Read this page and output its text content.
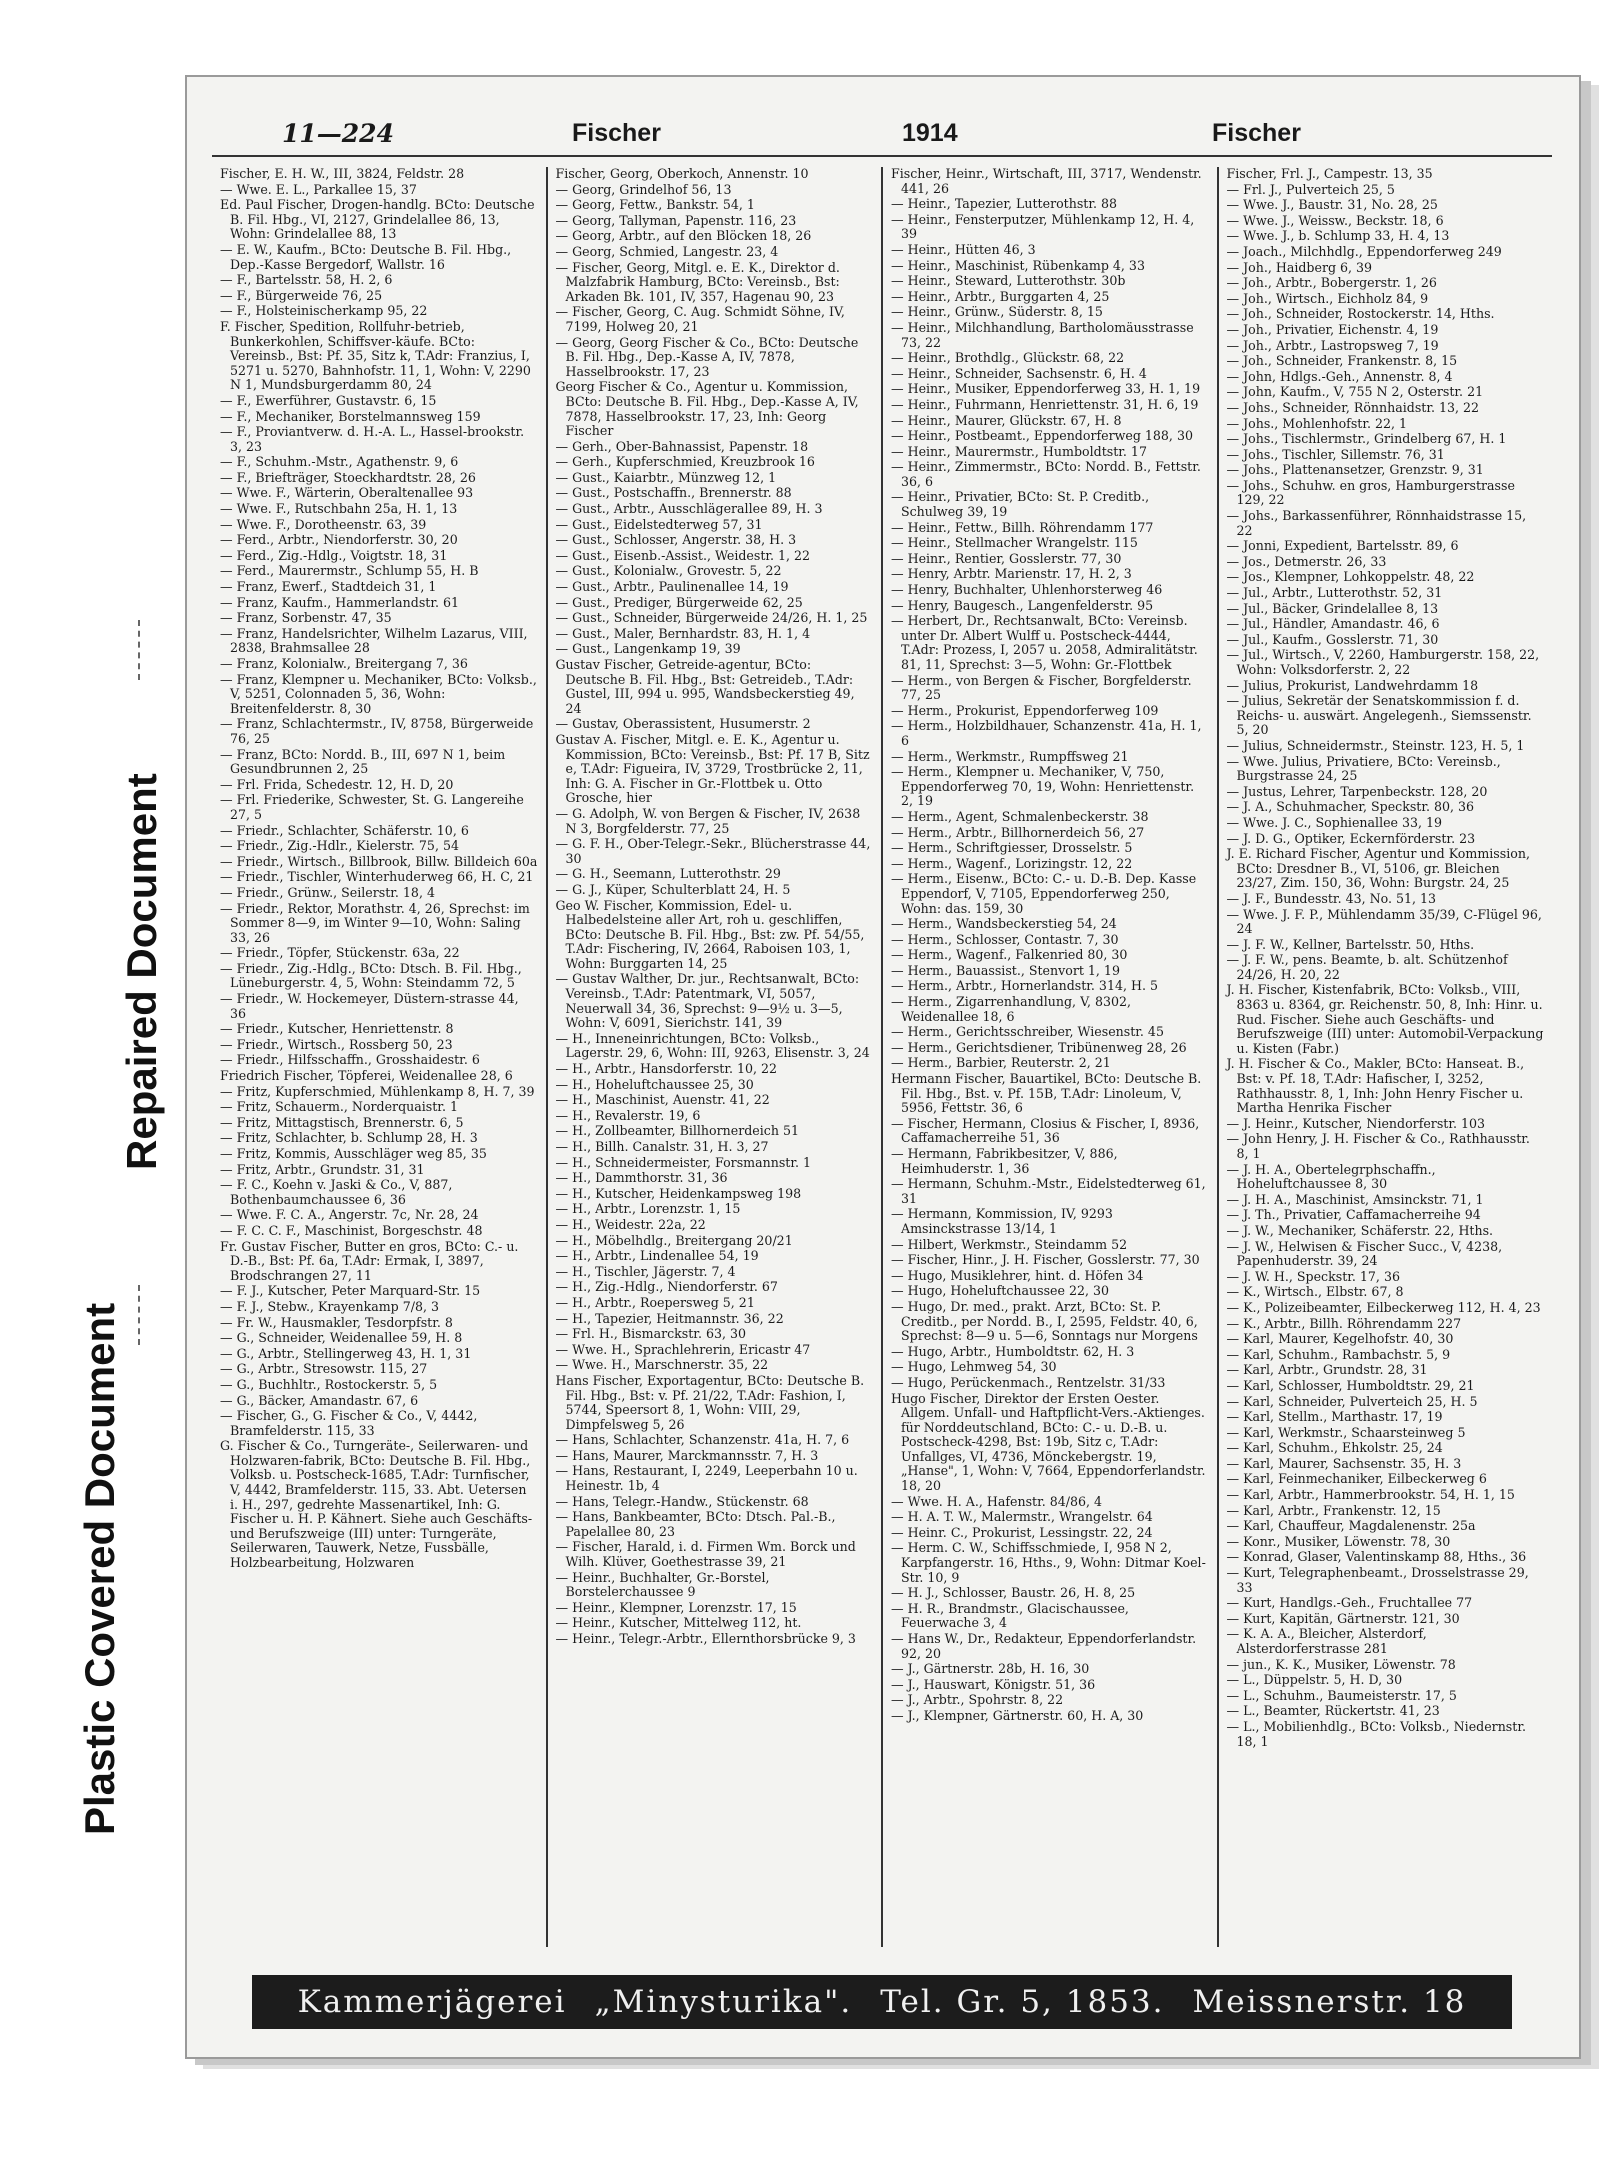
Repaired Document
Plastic Covered Document
11—224	Fischer	1914	Fischer
Fischer, E. H. W., III, 3824, Feldstr. 28
— Wwe. E. L., Parkallee 15, 37
Ed. Paul Fischer, Drogen-handlg. BCto: Deutsche B. Fil. Hbg., VI, 2127, Grindelallee 86, 13, Wohn: Grindelallee 88, 13
— E. W., Kaufm., BCto: Deutsche B. Fil. Hbg., Dep.-Kasse Bergedorf, Wallstr. 16
— F., Bartelsstr. 58, H. 2, 6
— F., Bürgerweide 76, 25
— F., Holsteinischerkamp 95, 22
F. Fischer, Spedition, Rollfuhr-betrieb, Bunkerkohlen, Schiffsver-käufe. BCto: Vereinsb., Bst: Pf. 35, Sitz k, T.Adr: Franzius, I, 5271 u. 5270, Bahnhofstr. 11, 1, Wohn: V, 2290 N 1, Mundsburgerdamm 80, 24
— F., Ewerführer, Gustavstr. 6, 15
— F., Mechaniker, Borstelmannsweg 159
— F., Proviantverw. d. H.-A. L., Hassel-brookstr. 3, 23
— F., Schuhm.-Mstr., Agathenstr. 9, 6
— F., Briefträger, Stoeckhardtstr. 28, 26
— Wwe. F., Wärterin, Oberaltenallee 93
— Wwe. F., Rutschbahn 25a, H. 1, 13
— Wwe. F., Dorotheenstr. 63, 39
— Ferd., Arbtr., Niendorferstr. 30, 20
— Ferd., Zig.-Hdlg., Voigtstr. 18, 31
— Ferd., Maurermstr., Schlump 55, H. B
— Franz, Ewerf., Stadtdeich 31, 1
— Franz, Kaufm., Hammerlandstr. 61
— Franz, Sorbenstr. 47, 35
— Franz, Handelsrichter, Wilhelm Lazarus, VIII, 2838, Brahmsallee 28
— Franz, Kolonialw., Breitergang 7, 36
— Franz, Klempner u. Mechaniker, BCto: Volksb., V, 5251, Colonnaden 5, 36, Wohn: Breitenfelderstr. 8, 30
— Franz, Schlachtermstr., IV, 8758, Bürgerweide 76, 25
— Franz, BCto: Nordd. B., III, 697 N 1, beim Gesundbrunnen 2, 25
— Frl. Frida, Schedestr. 12, H. D, 20
— Frl. Friederike, Schwester, St. G. Langereihe 27, 5
— Friedr., Schlachter, Schäferstr. 10, 6
— Friedr., Zig.-Hdlr., Kielerstr. 75, 54
— Friedr., Wirtsch., Billbrook, Billw. Billdeich 60a
— Friedr., Tischler, Winterhuderweg 66, H. C, 21
— Friedr., Grünw., Seilerstr. 18, 4
— Friedr., Rektor, Morathstr. 4, 26, Sprechst: im Sommer 8—9, im Winter 9—10, Wohn: Saling 33, 26
— Friedr., Töpfer, Stückenstr. 63a, 22
— Friedr., Zig.-Hdlg., BCto: Dtsch. B. Fil. Hbg., Lüneburgerstr. 4, 5, Wohn: Steindamm 72, 5
— Friedr., W. Hockemeyer, Düstern-strasse 44, 36
— Friedr., Kutscher, Henriettenstr. 8
— Friedr., Wirtsch., Rossberg 50, 23
— Friedr., Hilfsschaffn., Grosshaidestr. 6
Friedrich Fischer, Töpferei, Weidenallee 28, 6
— Fritz, Kupferschmied, Mühlenkamp 8, H. 7, 39
— Fritz, Schauerm., Norderquaistr. 1
— Fritz, Mittagstisch, Brennerstr. 6, 5
— Fritz, Schlachter, b. Schlump 28, H. 3
— Fritz, Kommis, Ausschläger weg 85, 35
— Fritz, Arbtr., Grundstr. 31, 31
— F. C., Koehn v. Jaski & Co., V, 887, Bothenbaumchaussee 6, 36
— Wwe. F. C. A., Angerstr. 7c, Nr. 28, 24
— F. C. C. F., Maschinist, Borgeschstr. 48
Fr. Gustav Fischer, Butter en gros, BCto: C.- u. D.-B., Bst: Pf. 6a, T.Adr: Ermak, I, 3897, Brodschrangen 27, 11
— F. J., Kutscher, Peter Marquard-Str. 15
— F. J., Stebw., Krayenkamp 7/8, 3
— Fr. W., Hausmakler, Tesdorpfstr. 8
— G., Schneider, Weidenallee 59, H. 8
— G., Arbtr., Stellingerweg 43, H. 1, 31
— G., Arbtr., Stresowstr. 115, 27
— G., Buchhltr., Rostockerstr. 5, 5
— G., Bäcker, Amandastr. 67, 6
— Fischer, G., G. Fischer & Co., V, 4442, Bramfelderstr. 115, 33
G. Fischer & Co., Turngeräte-, Seilerwaren- und Holzwaren-fabrik, BCto: Deutsche B. Fil. Hbg., Volksb. u. Postscheck-1685, T.Adr: Turnfischer, V, 4442, Bramfelderstr. 115, 33. Abt. Uetersen i. H., 297, gedrehte Massenartikel, Inh: G. Fischer u. H. P. Kähnert. Siehe auch Geschäfts- und Berufszweige (III) unter: Turngeräte, Seilerwaren, Tauwerk, Netze, Fussbälle, Holzbearbeitung, Holzwaren
Fischer, Georg, Oberkoch, Annenstr. 10
— Georg, Grindelhof 56, 13
— Georg, Fettw., Bankstr. 54, 1
— Georg, Tallyman, Papenstr. 116, 23
— Georg, Arbtr., auf den Blöcken 18, 26
— Georg, Schmied, Langestr. 23, 4
— Fischer, Georg, Mitgl. e. E. K., Direktor d. Malzfabrik Hamburg, BCto: Vereinsb., Bst: Arkaden Bk. 101, IV, 357, Hagenau 90, 23
— Fischer, Georg, C. Aug. Schmidt Söhne, IV, 7199, Holweg 20, 21
— Georg, Georg Fischer & Co., BCto: Deutsche B. Fil. Hbg., Dep.-Kasse A, IV, 7878, Hasselbrookstr. 17, 23
Georg Fischer & Co., Agentur u. Kommission, BCto: Deutsche B. Fil. Hbg., Dep.-Kasse A, IV, 7878, Hasselbrookstr. 17, 23, Inh: Georg Fischer
— Gerh., Ober-Bahnassist, Papenstr. 18
— Gerh., Kupferschmied, Kreuzbrook 16
— Gust., Kaiarbtr., Münzweg 12, 1
— Gust., Postschaffn., Brennerstr. 88
— Gust., Arbtr., Ausschlägerallee 89, H. 3
— Gust., Eidelstedterweg 57, 31
— Gust., Schlosser, Angerstr. 38, H. 3
— Gust., Eisenb.-Assist., Weidestr. 1, 22
— Gust., Kolonialw., Grovestr. 5, 22
— Gust., Arbtr., Paulinenallee 14, 19
— Gust., Prediger, Bürgerweide 62, 25
— Gust., Schneider, Bürgerweide 24/26, H. 1, 25
— Gust., Maler, Bernhardstr. 83, H. 1, 4
— Gust., Langenkamp 19, 39
Gustav Fischer, Getreide-agentur, BCto: Deutsche B. Fil. Hbg., Bst: Getreideb., T.Adr: Gustel, III, 994 u. 995, Wandsbeckerstieg 49, 24
— Gustav, Oberassistent, Husumerstr. 2
Gustav A. Fischer, Mitgl. e. E. K., Agentur u. Kommission, BCto: Vereinsb., Bst: Pf. 17 B, Sitz e, T.Adr: Figueira, IV, 3729, Trostbrücke 2, 11, Inh: G. A. Fischer in Gr.-Flottbek u. Otto Grosche, hier
— G. Adolph, W. von Bergen & Fischer, IV, 2638 N 3, Borgfelderstr. 77, 25
— G. F. H., Ober-Telegr.-Sekr., Blücherstrasse 44, 30
— G. H., Seemann, Lutterothstr. 29
— G. J., Küper, Schulterblatt 24, H. 5
Geo W. Fischer, Kommission, Edel- u. Halbedelsteine aller Art, roh u. geschliffen, BCto: Deutsche B. Fil. Hbg., Bst: zw. Pf. 54/55, T.Adr: Fischering, IV, 2664, Raboisen 103, 1, Wohn: Burggarten 14, 25
— Gustav Walther, Dr. jur., Rechtsanwalt, BCto: Vereinsb., T.Adr: Patentmark, VI, 5057, Neuerwall 34, 36, Sprechst: 9—9½ u. 3—5, Wohn: V, 6091, Sierichstr. 141, 39
— H., Inneneinrichtungen, BCto: Volksb., Lagerstr. 29, 6, Wohn: III, 9263, Elisenstr. 3, 24
— H., Arbtr., Hansdorferstr. 10, 22
— H., Hoheluftchaussee 25, 30
— H., Maschinist, Auenstr. 41, 22
— H., Revalerstr. 19, 6
— H., Zollbeamter, Billhornerdeich 51
— H., Billh. Canalstr. 31, H. 3, 27
— H., Schneidermeister, Forsmannstr. 1
— H., Dammthorstr. 31, 36
— H., Kutscher, Heidenkampsweg 198
— H., Arbtr., Lorenzstr. 1, 15
— H., Weidestr. 22a, 22
— H., Möbelhdlg., Breitergang 20/21
— H., Arbtr., Lindenallee 54, 19
— H., Tischler, Jägerstr. 7, 4
— H., Zig.-Hdlg., Niendorferstr. 67
— H., Arbtr., Roepersweg 5, 21
— H., Tapezier, Heitmannstr. 36, 22
— Frl. H., Bismarckstr. 63, 30
— Wwe. H., Sprachlehrerin, Ericastr 47
— Wwe. H., Marschnerstr. 35, 22
Hans Fischer, Exportagentur, BCto: Deutsche B. Fil. Hbg., Bst: v. Pf. 21/22, T.Adr: Fashion, I, 5744, Speersort 8, 1, Wohn: VIII, 29, Dimpfelsweg 5, 26
— Hans, Schlachter, Schanzenstr. 41a, H. 7, 6
— Hans, Maurer, Marckmannsstr. 7, H. 3
— Hans, Restaurant, I, 2249, Leeperbahn 10 u. Heinestr. 1b, 4
— Hans, Telegr.-Handw., Stückenstr. 68
— Hans, Bankbeamter, BCto: Dtsch. Pal.-B., Papelallee 80, 23
— Fischer, Harald, i. d. Firmen Wm. Borck und Wilh. Klüver, Goethestrasse 39, 21
— Heinr., Buchhalter, Gr.-Borstel, Borstelerchaussee 9
— Heinr., Klempner, Lorenzstr. 17, 15
— Heinr., Kutscher, Mittelweg 112, ht.
— Heinr., Telegr.-Arbtr., Ellernthorsbrücke 9, 3
Fischer, Heinr., Wirtschaft, III, 3717, Wendenstr. 441, 26
— Heinr., Tapezier, Lutterothstr. 88
— Heinr., Fensterputzer, Mühlenkamp 12, H. 4, 39
— Heinr., Hütten 46, 3
— Heinr., Maschinist, Rübenkamp 4, 33
— Heinr., Steward, Lutterothstr. 30b
— Heinr., Arbtr., Burggarten 4, 25
— Heinr., Grünw., Süderstr. 8, 15
— Heinr., Milchhandlung, Bartholomäusstrasse 73, 22
— Heinr., Brothdlg., Glückstr. 68, 22
— Heinr., Schneider, Sachsenstr. 6, H. 4
— Heinr., Musiker, Eppendorferweg 33, H. 1, 19
— Heinr., Fuhrmann, Henriettenstr. 31, H. 6, 19
— Heinr., Maurer, Glückstr. 67, H. 8
— Heinr., Postbeamt., Eppendorferweg 188, 30
— Heinr., Maurermstr., Humboldtstr. 17
— Heinr., Zimmermstr., BCto: Nordd. B., Fettstr. 36, 6
— Heinr., Privatier, BCto: St. P. Creditb., Schulweg 39, 19
— Heinr., Fettw., Billh. Röhrendamm 177
— Heinr., Stellmacher Wrangelstr. 115
— Heinr., Rentier, Gosslerstr. 77, 30
— Henry, Arbtr. Marienstr. 17, H. 2, 3
— Henry, Buchhalter, Uhlenhorsterweg 46
— Henry, Baugesch., Langenfelderstr. 95
— Herbert, Dr., Rechtsanwalt, BCto: Vereinsb. unter Dr. Albert Wulff u. Postscheck-4444, T.Adr: Prozess, I, 2057 u. 2058, Admiralitätstr. 81, 11, Sprechst: 3—5, Wohn: Gr.-Flottbek
— Herm., von Bergen & Fischer, Borgfelderstr. 77, 25
— Herm., Prokurist, Eppendorferweg 109
— Herm., Holzbildhauer, Schanzenstr. 41a, H. 1, 6
— Herm., Werkmstr., Rumpffsweg 21
— Herm., Klempner u. Mechaniker, V, 750, Eppendorferweg 70, 19, Wohn: Henriettenstr. 2, 19
— Herm., Agent, Schmalenbeckerstr. 38
— Herm., Arbtr., Billhornerdeich 56, 27
— Herm., Schriftgiesser, Drosselstr. 5
— Herm., Wagenf., Lorizingstr. 12, 22
— Herm., Eisenw., BCto: C.- u. D.-B. Dep. Kasse Eppendorf, V, 7105, Eppendorferweg 250, Wohn: das. 159, 30
— Herm., Wandsbeckerstieg 54, 24
— Herm., Schlosser, Contastr. 7, 30
— Herm., Wagenf., Falkenried 80, 30
— Herm., Bauassist., Stenvort 1, 19
— Herm., Arbtr., Hornerlandstr. 314, H. 5
— Herm., Zigarrenhandlung, V, 8302, Weidenallee 18, 6
— Herm., Gerichtsschreiber, Wiesenstr. 45
— Herm., Gerichtsdiener, Tribünenweg 28, 26
— Herm., Barbier, Reuterstr. 2, 21
Hermann Fischer, Bauartikel, BCto: Deutsche B. Fil. Hbg., Bst. v. Pf. 15B, T.Adr: Linoleum, V, 5956, Fettstr. 36, 6
— Fischer, Hermann, Closius & Fischer, I, 8936, Caffamacherreihe 51, 36
— Hermann, Fabrikbesitzer, V, 886, Heimhuderstr. 1, 36
— Hermann, Schuhm.-Mstr., Eidelstedterweg 61, 31
— Hermann, Kommission, IV, 9293 Amsinckstrasse 13/14, 1
— Hilbert, Werkmstr., Steindamm 52
— Fischer, Hinr., J. H. Fischer, Gosslerstr. 77, 30
— Hugo, Musiklehrer, hint. d. Höfen 34
— Hugo, Hoheluftchaussee 22, 30
— Hugo, Dr. med., prakt. Arzt, BCto: St. P. Creditb., per Nordd. B., I, 2595, Feldstr. 40, 6, Sprechst: 8—9 u. 5—6, Sonntags nur Morgens
— Hugo, Arbtr., Humboldtstr. 62, H. 3
— Hugo, Lehmweg 54, 30
— Hugo, Perückenmach., Rentzelstr. 31/33
Hugo Fischer, Direktor der Ersten Oester. Allgem. Unfall- und Haftpflicht-Vers.-Aktienges. für Norddeutschland, BCto: C.- u. D.-B. u. Postscheck-4298, Bst: 19b, Sitz c, T.Adr: Unfallges, VI, 4736, Mönckebergstr. 19, „Hanse", 1, Wohn: V, 7664, Eppendorferlandstr. 18, 20
— Wwe. H. A., Hafenstr. 84/86, 4
— H. A. T. W., Malermstr., Wrangelstr. 64
— Heinr. C., Prokurist, Lessingstr. 22, 24
— Herm. C. W., Schiffsschmiede, I, 958 N 2, Karpfangerstr. 16, Hths., 9, Wohn: Ditmar Koel-Str. 10, 9
— H. J., Schlosser, Baustr. 26, H. 8, 25
— H. R., Brandmstr., Glacischaussee, Feuerwache 3, 4
— Hans W., Dr., Redakteur, Eppendorferlandstr. 92, 20
— J., Gärtnerstr. 28b, H. 16, 30
— J., Hauswart, Königstr. 51, 36
— J., Arbtr., Spohrstr. 8, 22
— J., Klempner, Gärtnerstr. 60, H. A, 30
Fischer, Frl. J., Campestr. 13, 35
— Frl. J., Pulverteich 25, 5
— Wwe. J., Baustr. 31, No. 28, 25
— Wwe. J., Weissw., Beckstr. 18, 6
— Wwe. J., b. Schlump 33, H. 4, 13
— Joach., Milchhdlg., Eppendorferweg 249
— Joh., Haidberg 6, 39
— Joh., Arbtr., Bobergerstr. 1, 26
— Joh., Wirtsch., Eichholz 84, 9
— Joh., Schneider, Rostockerstr. 14, Hths.
— Joh., Privatier, Eichenstr. 4, 19
— Joh., Arbtr., Lastropsweg 7, 19
— Joh., Schneider, Frankenstr. 8, 15
— John, Hdlgs.-Geh., Annenstr. 8, 4
— John, Kaufm., V, 755 N 2, Osterstr. 21
— Johs., Schneider, Rönnhaidstr. 13, 22
— Johs., Mohlenhofstr. 22, 1
— Johs., Tischlermstr., Grindelberg 67, H. 1
— Johs., Tischler, Sillemstr. 76, 31
— Johs., Plattenansetzer, Grenzstr. 9, 31
— Johs., Schuhw. en gros, Hamburgerstrasse 129, 22
— Johs., Barkassenführer, Rönnhaidstrasse 15, 22
— Jonni, Expedient, Bartelsstr. 89, 6
— Jos., Detmerstr. 26, 33
— Jos., Klempner, Lohkoppelstr. 48, 22
— Jul., Arbtr., Lutterothstr. 52, 31
— Jul., Bäcker, Grindelallee 8, 13
— Jul., Händler, Amandastr. 46, 6
— Jul., Kaufm., Gosslerstr. 71, 30
— Jul., Wirtsch., V, 2260, Hamburgerstr. 158, 22, Wohn: Volksdorferstr. 2, 22
— Julius, Prokurist, Landwehrdamm 18
— Julius, Sekretär der Senatskommission f. d. Reichs- u. auswärt. Angelegenh., Siemssenstr. 5, 20
— Julius, Schneidermstr., Steinstr. 123, H. 5, 1
— Wwe. Julius, Privatiere, BCto: Vereinsb., Burgstrasse 24, 25
— Justus, Lehrer, Tarpenbeckstr. 128, 20
— J. A., Schuhmacher, Speckstr. 80, 36
— Wwe. J. C., Sophienallee 33, 19
— J. D. G., Optiker, Eckernförderstr. 23
J. E. Richard Fischer, Agentur und Kommission, BCto: Dresdner B., VI, 5106, gr. Bleichen 23/27, Zim. 150, 36, Wohn: Burgstr. 24, 25
— J. F., Bundesstr. 43, No. 51, 13
— Wwe. J. F. P., Mühlendamm 35/39, C-Flügel 96, 24
— J. F. W., Kellner, Bartelsstr. 50, Hths.
— J. F. W., pens. Beamte, b. alt. Schützenhof 24/26, H. 20, 22
J. H. Fischer, Kistenfabrik, BCto: Volksb., VIII, 8363 u. 8364, gr. Reichenstr. 50, 8, Inh: Hinr. u. Rud. Fischer. Siehe auch Geschäfts- und Berufszweige (III) unter: Automobil-Verpackung u. Kisten (Fabr.)
J. H. Fischer & Co., Makler, BCto: Hanseat. B., Bst: v. Pf. 18, T.Adr: Hafischer, I, 3252, Rathhausstr. 8, 1, Inh: John Henry Fischer u. Martha Henrika Fischer
— J. Heinr., Kutscher, Niendorferstr. 103
— John Henry, J. H. Fischer & Co., Rathhausstr. 8, 1
— J. H. A., Obertelegrphschaffn., Hoheluftchaussee 8, 30
— J. H. A., Maschinist, Amsinckstr. 71, 1
— J. Th., Privatier, Caffamacherreihe 94
— J. W., Mechaniker, Schäferstr. 22, Hths.
— J. W., Helwisen & Fischer Succ., V, 4238, Papenhuderstr. 39, 24
— J. W. H., Speckstr. 17, 36
— K., Wirtsch., Elbstr. 67, 8
— K., Polizeibeamter, Eilbeckerweg 112, H. 4, 23
— K., Arbtr., Billh. Röhrendamm 227
— Karl, Maurer, Kegelhofstr. 40, 30
— Karl, Schuhm., Rambachstr. 5, 9
— Karl, Arbtr., Grundstr. 28, 31
— Karl, Schlosser, Humboldtstr. 29, 21
— Karl, Schneider, Pulverteich 25, H. 5
— Karl, Stellm., Marthastr. 17, 19
— Karl, Werkmstr., Schaarsteinweg 5
— Karl, Schuhm., Ehkolstr. 25, 24
— Karl, Maurer, Sachsenstr. 35, H. 3
— Karl, Feinmechaniker, Eilbeckerweg 6
— Karl, Arbtr., Hammerbrookstr. 54, H. 1, 15
— Karl, Arbtr., Frankenstr. 12, 15
— Karl, Chauffeur, Magdalenenstr. 25a
— Konr., Musiker, Löwenstr. 78, 30
— Konrad, Glaser, Valentinskamp 88, Hths., 36
— Kurt, Telegraphenbeamt., Drosselstrasse 29, 33
— Kurt, Handlgs.-Geh., Fruchtallee 77
— Kurt, Kapitän, Gärtnerstr. 121, 30
— K. A. A., Bleicher, Alsterdorf, Alsterdorferstrasse 281
— jun., K. K., Musiker, Löwenstr. 78
— L., Düppelstr. 5, H. D, 30
— L., Schuhm., Baumeisterstr. 17, 5
— L., Beamter, Rückertstr. 41, 23
— L., Mobilienhdlg., BCto: Volksb., Niedernstr. 18, 1
Kammerjägerei „Minysturika". Tel. Gr. 5, 1853. Meissnerstr. 18
